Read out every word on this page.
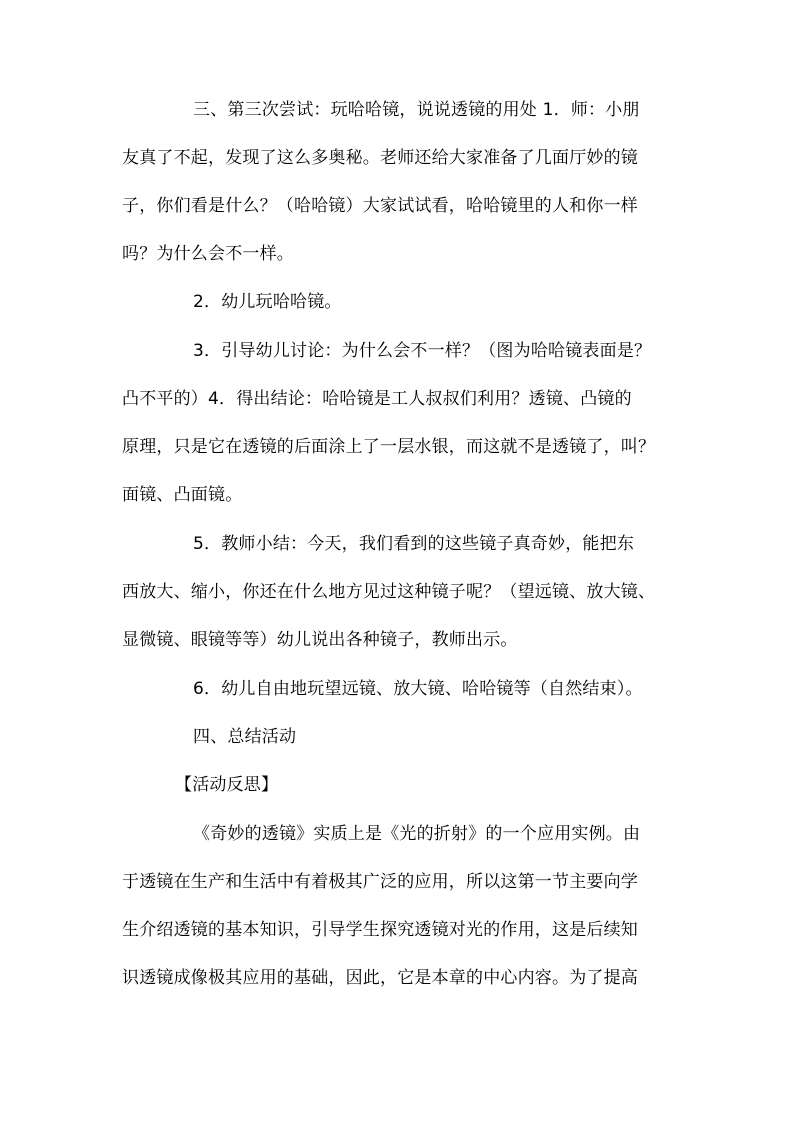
三、第三次尝试：玩哈哈镜，说说透镜的用处 1．师：小朋
友真了不起，发现了这么多奥秘。老师还给大家准备了几面厅妙的镜
子，你们看是什么？（哈哈镜）大家试试看，哈哈镜里的人和你一样
吗？为什么会不一样。
2．幼儿玩哈哈镜。
3．引导幼儿讨论：为什么会不一样？（图为哈哈镜表面是？
凸不平的）4．得出结论：哈哈镜是工人叔叔们利用？透镜、凸镜的
原理，只是它在透镜的后面涂上了一层水银，而这就不是透镜了，叫？
面镜、凸面镜。
5．教师小结：今天，我们看到的这些镜子真奇妙，能把东
西放大、缩小，你还在什么地方见过这种镜子呢？（望远镜、放大镜、
显微镜、眼镜等等）幼儿说出各种镜子，教师出示。
6．幼儿自由地玩望远镜、放大镜、哈哈镜等（自然结束）。
四、总结活动
【活动反思】
《奇妙的透镜》实质上是《光的折射》的一个应用实例。由
于透镜在生产和生活中有着极其广泛的应用，所以这第一节主要向学
生介绍透镜的基本知识，引导学生探究透镜对光的作用，这是后续知
识透镜成像极其应用的基础，因此，它是本章的中心内容。为了提高
